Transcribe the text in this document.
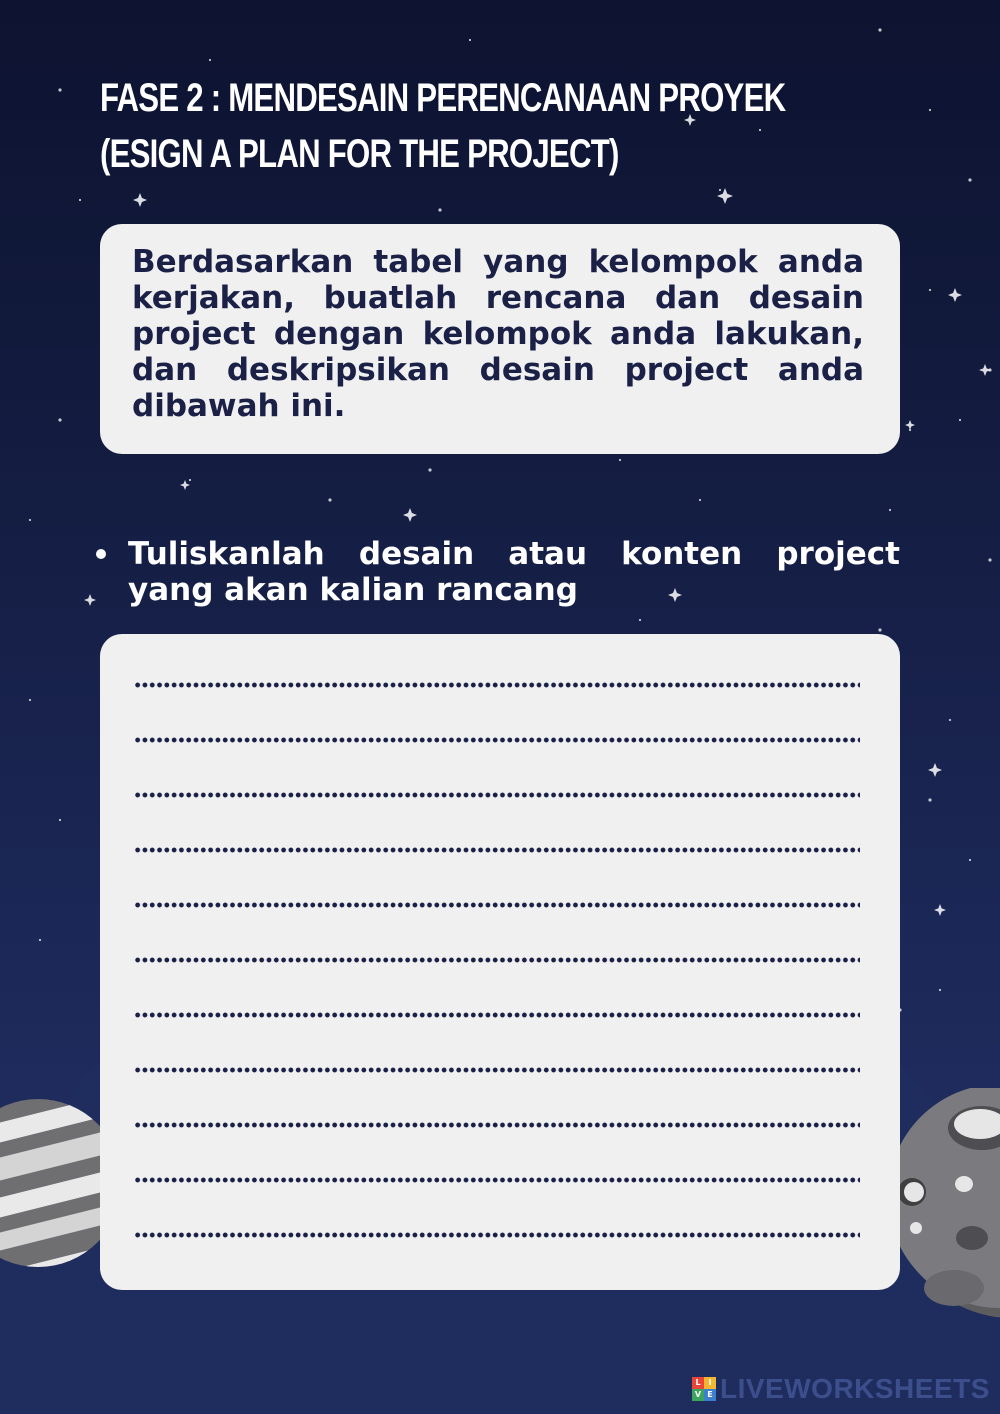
FASE 2 : MENDESAIN PERENCANAAN PROYEK
(ESIGN A PLAN FOR THE PROJECT)

Berdasarkan tabel yang kelompok anda kerjakan, buatlah rencana dan desain project dengan kelompok anda lakukan, dan deskripsikan desain project anda dibawah ini.

Tuliskanlah desain atau konten project yang akan kalian rancang

L I
V E LIVEWORKSHEETS
